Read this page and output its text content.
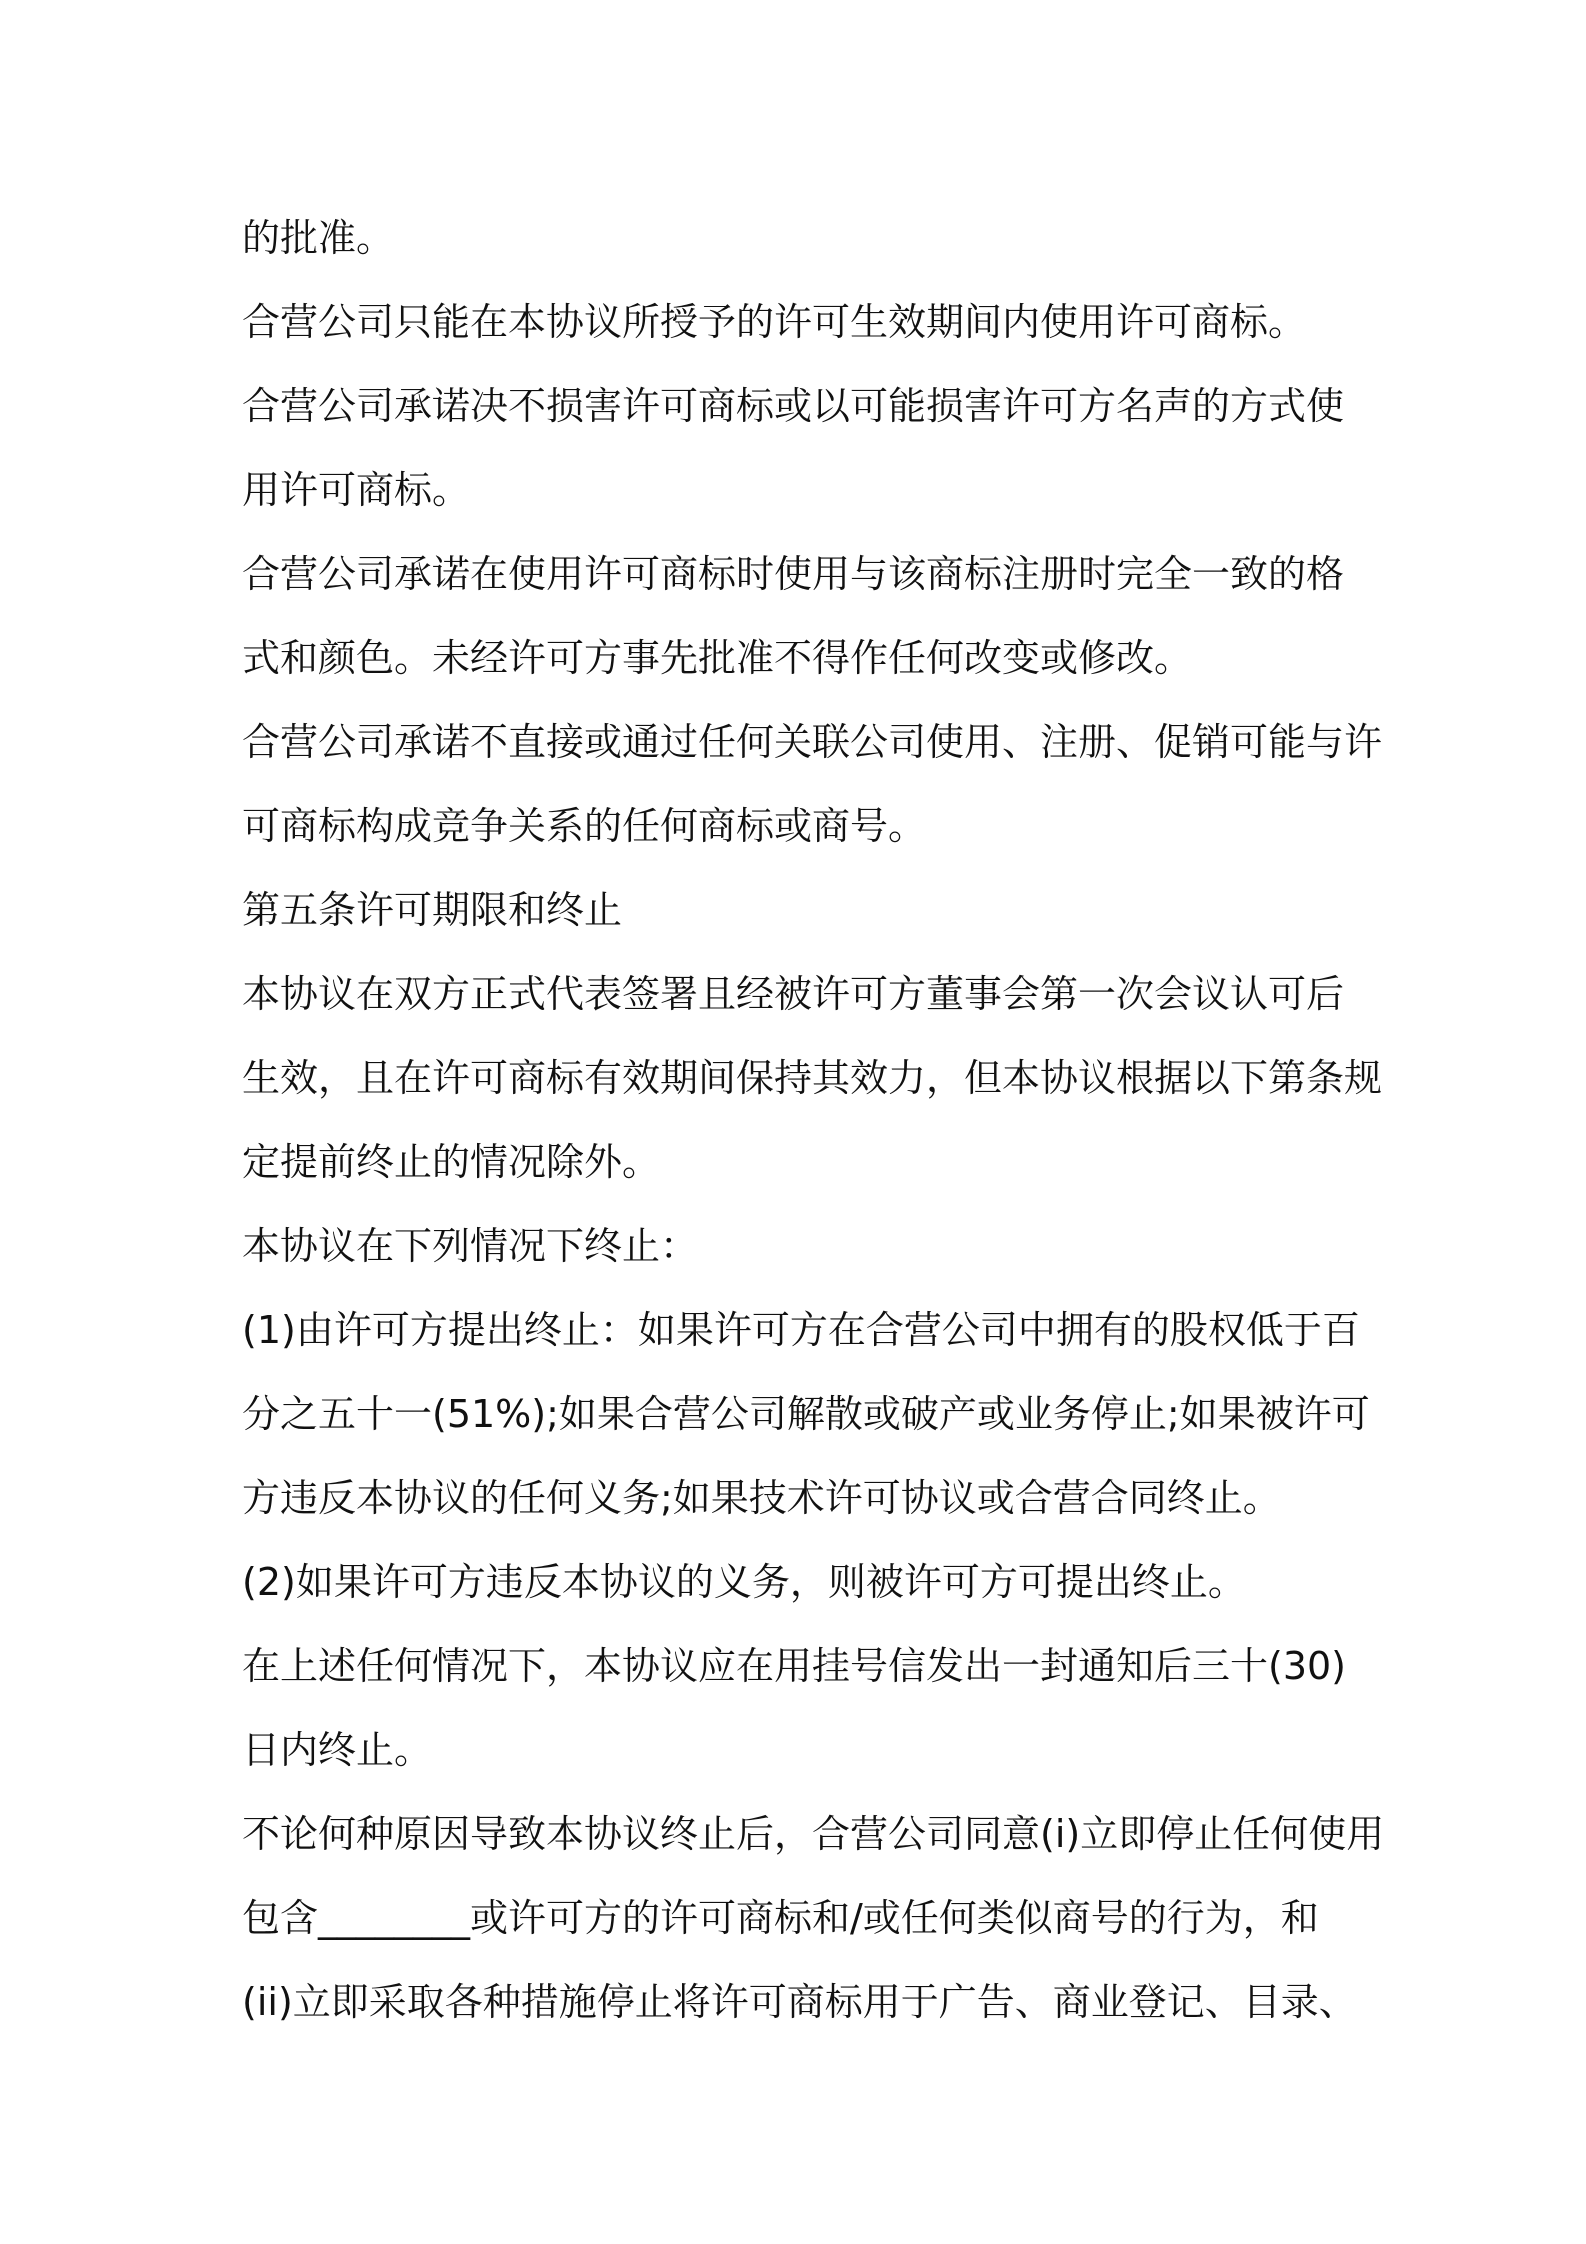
的批准。
合营公司只能在本协议所授予的许可生效期间内使用许可商标。
合营公司承诺决不损害许可商标或以可能损害许可方名声的方式使
用许可商标。
合营公司承诺在使用许可商标时使用与该商标注册时完全一致的格
式和颜色。未经许可方事先批准不得作任何改变或修改。
合营公司承诺不直接或通过任何关联公司使用、注册、促销可能与许
可商标构成竞争关系的任何商标或商号。
第五条许可期限和终止
本协议在双方正式代表签署且经被许可方董事会第一次会议认可后
生效，且在许可商标有效期间保持其效力，但本协议根据以下第条规
定提前终止的情况除外。
本协议在下列情况下终止：
(1)由许可方提出终止：如果许可方在合营公司中拥有的股权低于百
分之五十一(51%);如果合营公司解散或破产或业务停止;如果被许可
方违反本协议的任何义务;如果技术许可协议或合营合同终止。
(2)如果许可方违反本协议的义务，则被许可方可提出终止。
在上述任何情况下，本协议应在用挂号信发出一封通知后三十(30)
日内终止。
不论何种原因导致本协议终止后，合营公司同意(i)立即停止任何使用
包含________或许可方的许可商标和/或任何类似商号的行为，和
(ii)立即采取各种措施停止将许可商标用于广告、商业登记、目录、
